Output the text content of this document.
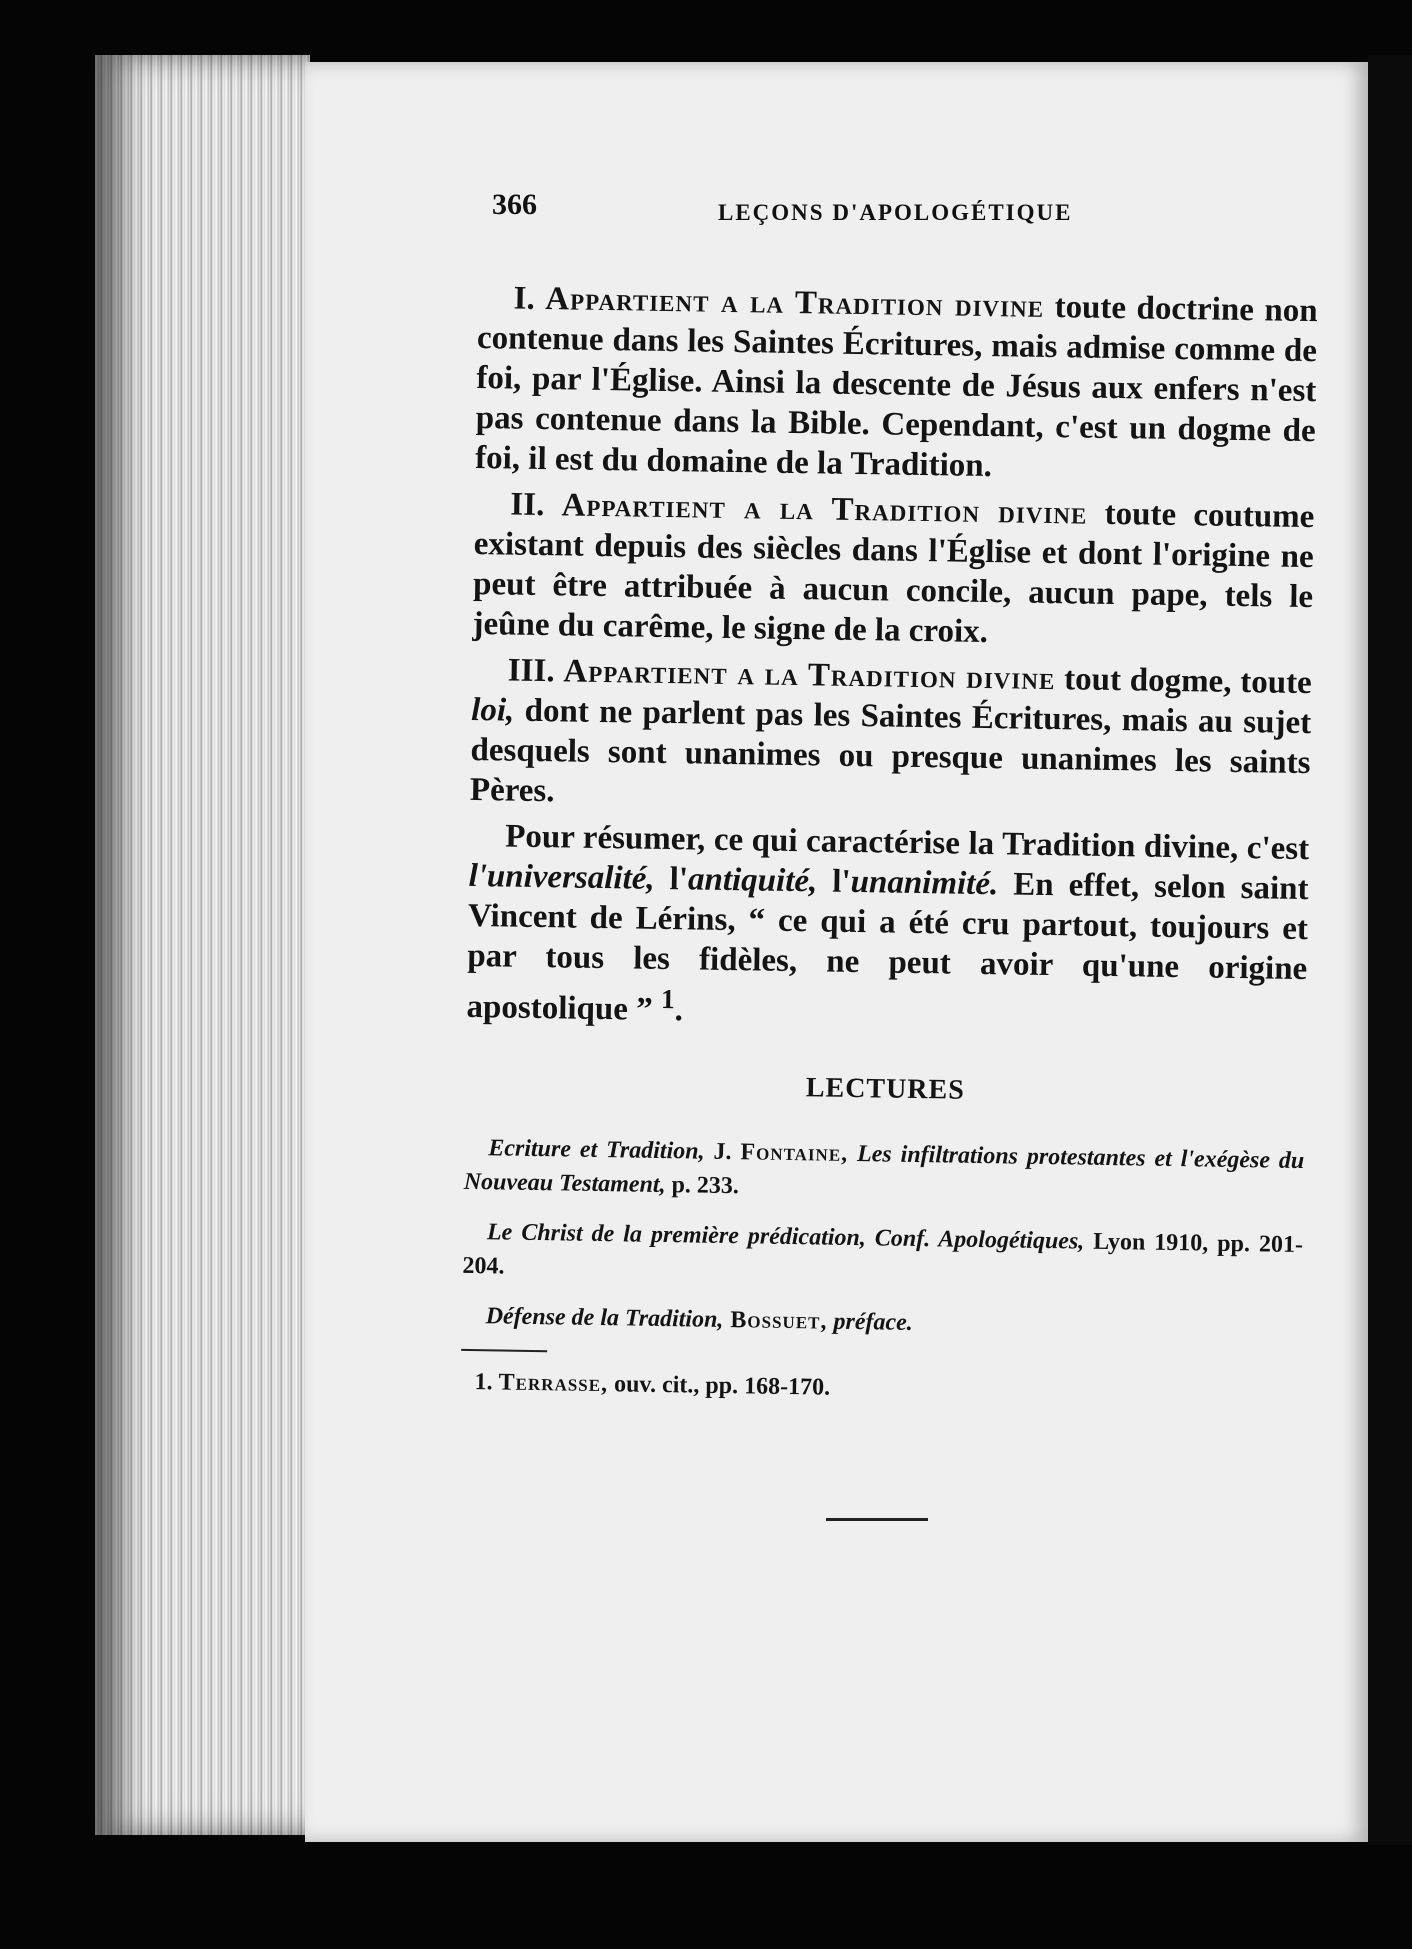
366	LEÇONS D'APOLOGÉTIQUE

I. Appartient a la Tradition divine toute doctrine non contenue dans les Saintes Écritures, mais admise comme de foi, par l'Église. Ainsi la descente de Jésus aux enfers n'est pas contenue dans la Bible. Cependant, c'est un dogme de foi, il est du domaine de la Tradition.

II. Appartient a la Tradition divine toute coutume existant depuis des siècles dans l'Église et dont l'origine ne peut être attribuée à aucun concile, aucun pape, tels le jeûne du carême, le signe de la croix.

III. Appartient a la Tradition divine tout dogme, toute loi, dont ne parlent pas les Saintes Écritures, mais au sujet desquels sont unanimes ou presque unanimes les saints Pères.

Pour résumer, ce qui caractérise la Tradition divine, c'est l'universalité, l'antiquité, l'unanimité. En effet, selon saint Vincent de Lérins, “ ce qui a été cru partout, toujours et par tous les fidèles, ne peut avoir qu'une origine apostolique ” $^1$.

LECTURES

Ecriture et Tradition, J. Fontaine, Les infiltrations protestantes et l'exégèse du Nouveau Testament, p. 233.

Le Christ de la première prédication, Conf. Apologétiques, Lyon 1910, pp. 201-204.

Défense de la Tradition, Bossuet, préface.

1. Terrasse, ouv. cit., pp. 168-170.
